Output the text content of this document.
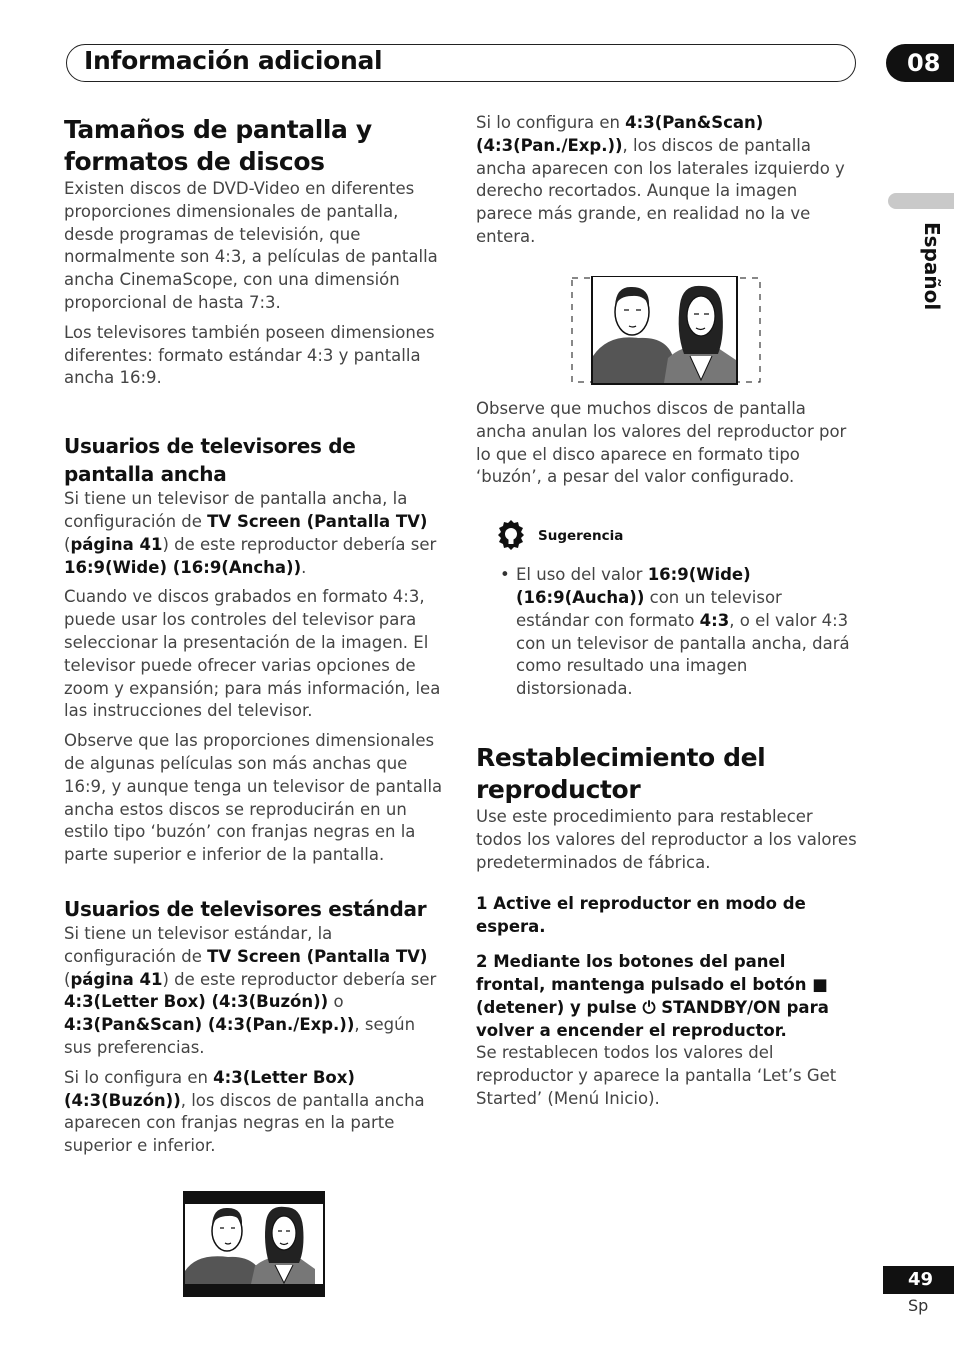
Información adicional	08
Español
Tamaños de pantalla y formatos de discos

Existen discos de DVD-Video en diferentes proporciones dimensionales de pantalla, desde programas de televisión, que normalmente son 4:3, a películas de pantalla ancha CinemaScope, con una dimensión proporcional de hasta 7:3.

Los televisores también poseen dimensiones diferentes: formato estándar 4:3 y pantalla ancha 16:9.

Usuarios de televisores de pantalla ancha

Si tiene un televisor de pantalla ancha, la configuración de TV Screen (Pantalla TV) (página 41) de este reproductor debería ser 16:9(Wide) (16:9(Ancha)).

Cuando ve discos grabados en formato 4:3, puede usar los controles del televisor para seleccionar la presentación de la imagen. El televisor puede ofrecer varias opciones de zoom y expansión; para más información, lea las instrucciones del televisor.

Observe que las proporciones dimensionales de algunas películas son más anchas que 16:9, y aunque tenga un televisor de pantalla ancha estos discos se reproducirán en un estilo tipo ‘buzón’ con franjas negras en la parte superior e inferior de la pantalla.

Usuarios de televisores estándar

Si tiene un televisor estándar, la configuración de TV Screen (Pantalla TV) (página 41) de este reproductor debería ser 4:3(Letter Box) (4:3(Buzón)) o 4:3(Pan&Scan) (4:3(Pan./Exp.)), según sus preferencias.

Si lo configura en 4:3(Letter Box) (4:3(Buzón)), los discos de pantalla ancha aparecen con franjas negras en la parte superior e inferior.

Si lo configura en 4:3(Pan&Scan) (4:3(Pan./Exp.)), los discos de pantalla ancha aparecen con los laterales izquierdo y derecho recortados. Aunque la imagen parece más grande, en realidad no la ve entera.

Observe que muchos discos de pantalla ancha anulan los valores del reproductor por lo que el disco aparece en formato tipo ‘buzón’, a pesar del valor configurado.

Sugerencia
• El uso del valor 16:9(Wide) (16:9(Aucha)) con un televisor estándar con formato 4:3, o el valor 4:3 con un televisor de pantalla ancha, dará como resultado una imagen distorsionada.
Restablecimiento del reproductor

Use este procedimiento para restablecer todos los valores del reproductor a los valores predeterminados de fábrica.

1 Active el reproductor en modo de espera.
2 Mediante los botones del panel frontal, mantenga pulsado el botón ■ (detener) y pulse ⏻ STANDBY/ON para volver a encender el reproductor.

Se restablecen todos los valores del reproductor y aparece la pantalla ‘Let’s Get Started’ (Menú Inicio).

49
Sp
